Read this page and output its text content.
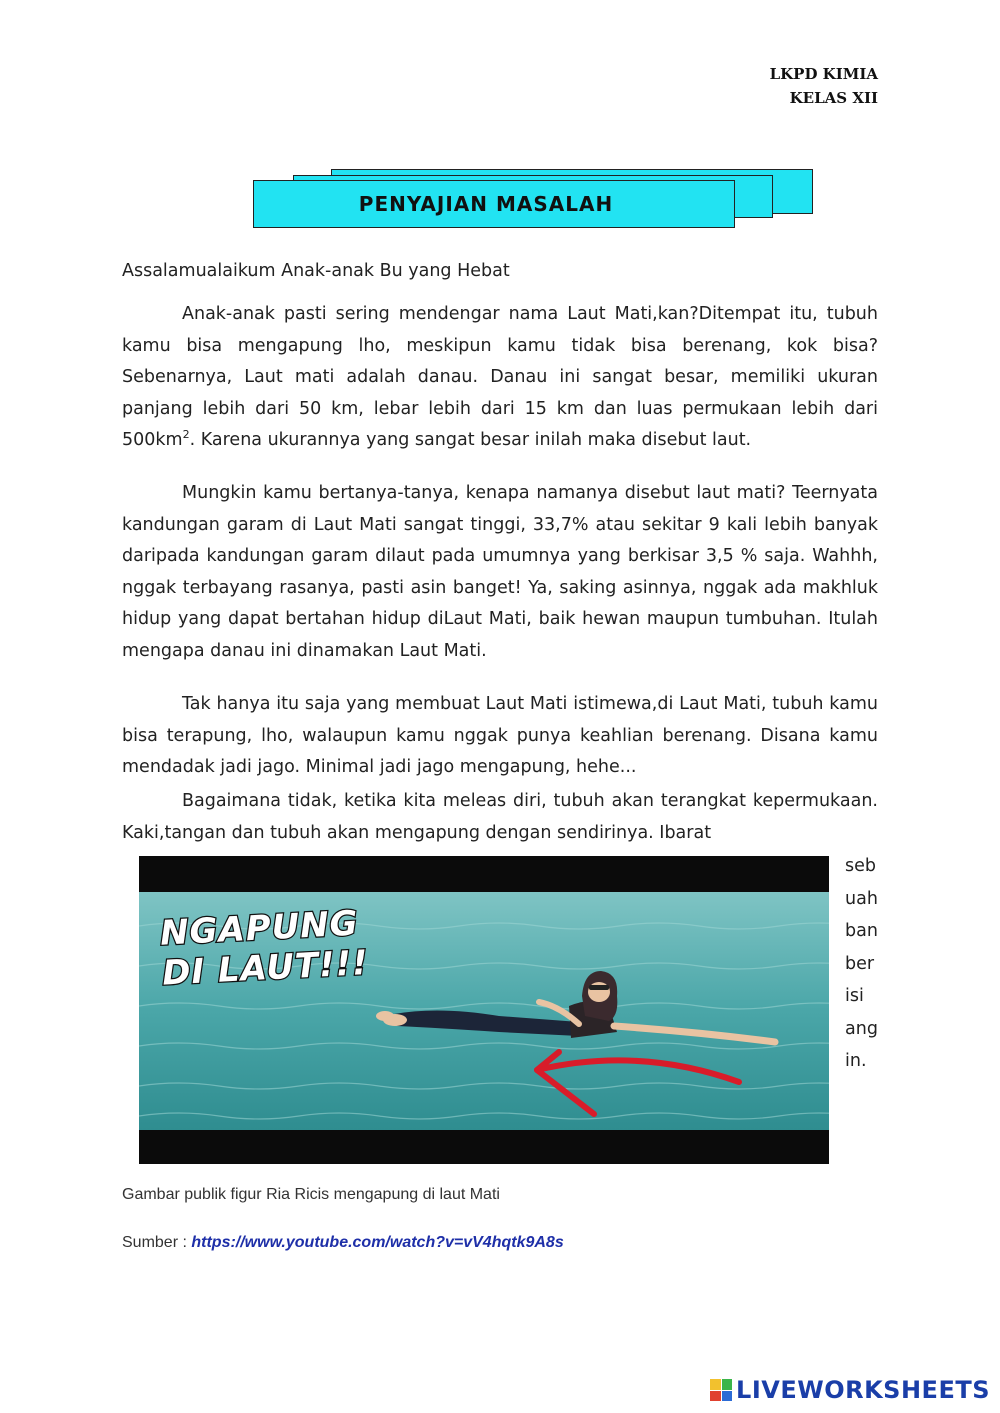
LKPD KIMIA
KELAS XII
PENYAJIAN MASALAH
Assalamualaikum Anak-anak Bu yang Hebat

Anak-anak pasti sering mendengar nama Laut Mati,kan?Ditempat itu, tubuh kamu bisa mengapung lho, meskipun kamu tidak bisa berenang, kok bisa? Sebenarnya, Laut mati adalah danau. Danau ini sangat besar, memiliki ukuran panjang lebih dari 50 km, lebar lebih dari 15 km dan luas permukaan lebih dari $500km^2$. Karena ukurannya yang sangat besar inilah maka disebut laut.

Mungkin kamu bertanya-tanya, kenapa namanya disebut laut mati? Teernyata kandungan garam di Laut Mati sangat tinggi, 33,7% atau sekitar 9 kali lebih banyak daripada kandungan garam dilaut pada umumnya yang berkisar 3,5 % saja. Wahhh, nggak terbayang rasanya, pasti asin banget! Ya, saking asinnya, nggak ada makhluk hidup yang dapat bertahan hidup diLaut Mati, baik hewan maupun tumbuhan. Itulah mengapa danau ini dinamakan Laut Mati.

Tak hanya itu saja yang membuat Laut Mati istimewa,di Laut Mati, tubuh kamu bisa terapung, lho, walaupun kamu nggak punya keahlian berenang. Disana kamu mendadak jadi jago. Minimal jadi jago mengapung, hehe...

Bagaimana tidak, ketika kita meleas diri, tubuh akan terangkat kepermukaan. Kaki,tangan dan tubuh akan mengapung dengan sendirinya. Ibarat

seb
uah
ban
ber
isi
ang
in.
NGAPUNG
DI LAUT!!!
Gambar publik figur Ria Ricis mengapung di laut Mati
Sumber : https://www.youtube.com/watch?v=vV4hqtk9A8s
LIVEWORKSHEETS
